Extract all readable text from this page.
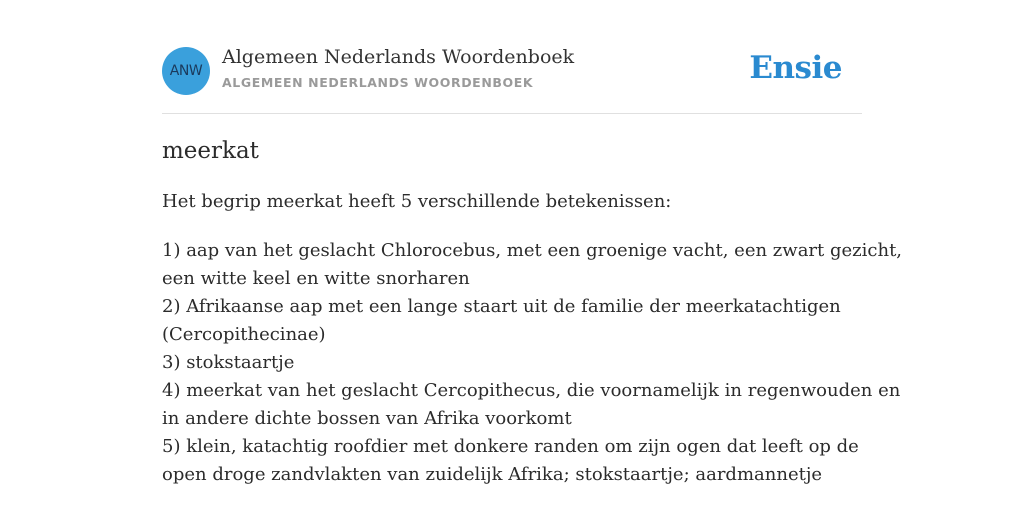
ANW
Algemeen Nederlands Woordenboek
ALGEMEEN NEDERLANDS WOORDENBOEK	Ensie
meerkat
Het begrip meerkat heeft 5 verschillende betekenissen:
1) aap van het geslacht Chlorocebus, met een groenige vacht, een zwart gezicht,
een witte keel en witte snorharen
2) Afrikaanse aap met een lange staart uit de familie der meerkatachtigen
(Cercopithecinae)
3) stokstaartje
4) meerkat van het geslacht Cercopithecus, die voornamelijk in regenwouden en
in andere dichte bossen van Afrika voorkomt
5) klein, katachtig roofdier met donkere randen om zijn ogen dat leeft op de
open droge zandvlakten van zuidelijk Afrika; stokstaartje; aardmannetje
